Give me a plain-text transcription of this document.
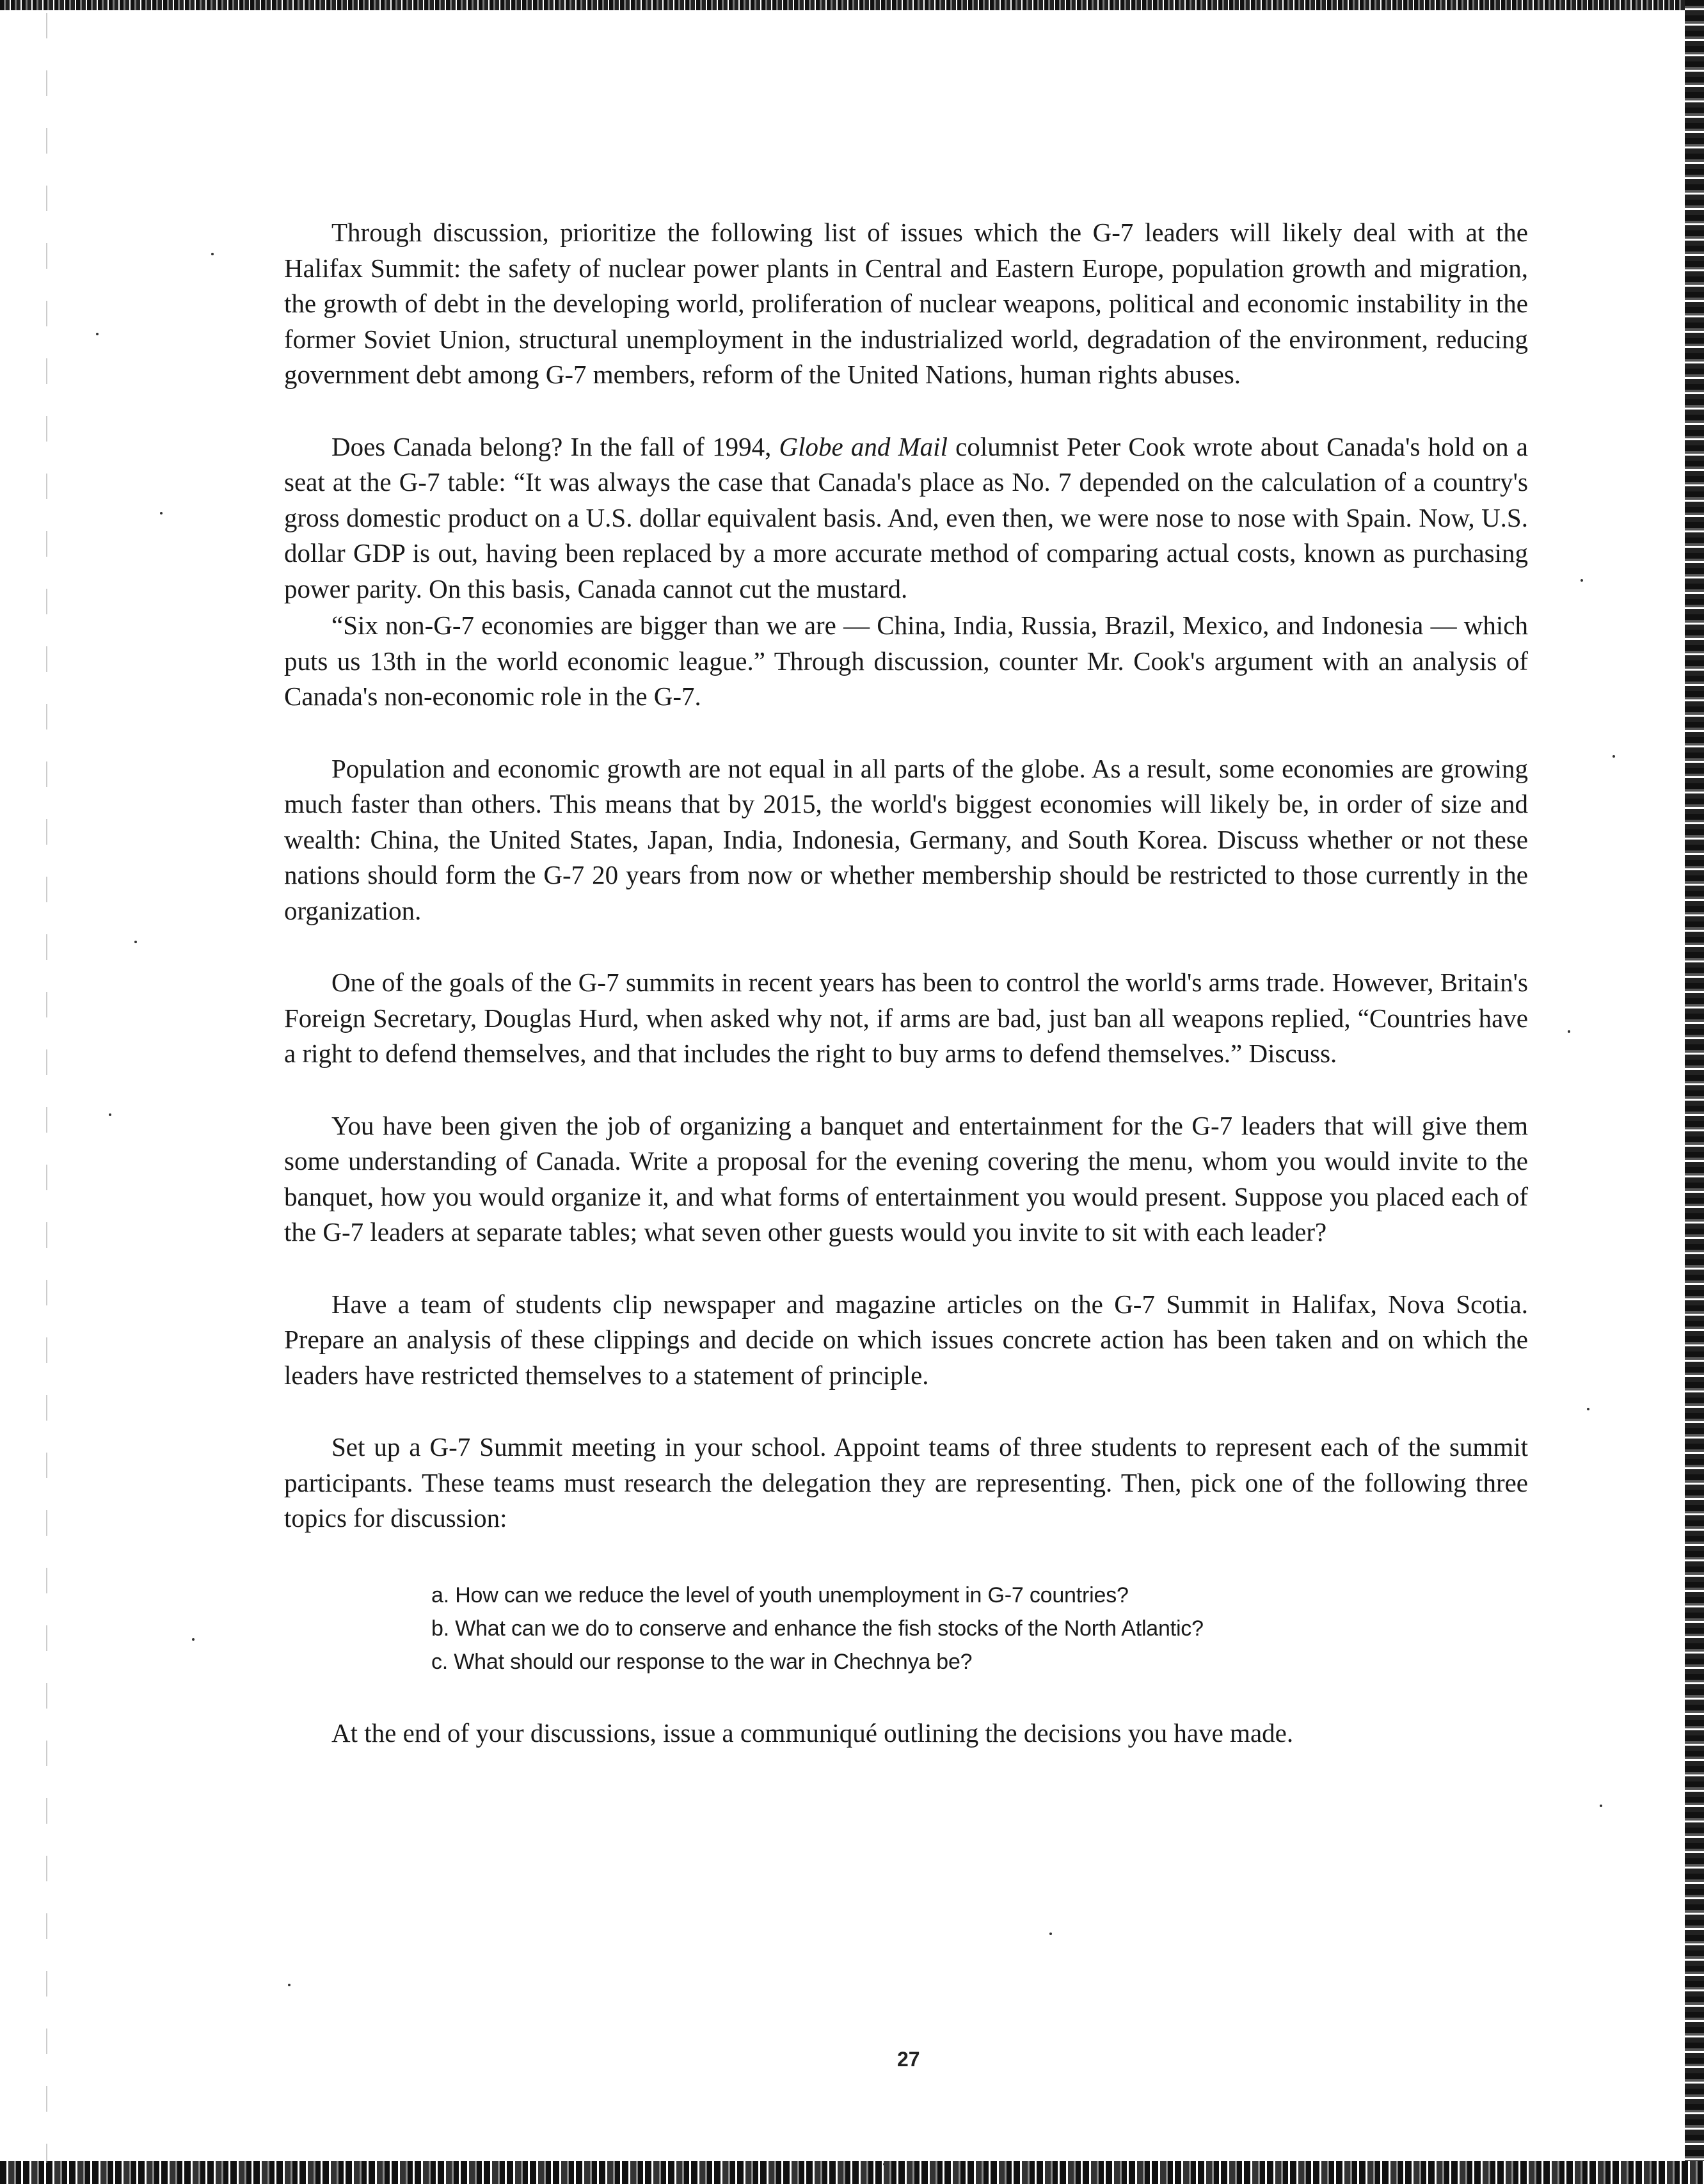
Through discussion, prioritize the following list of issues which the G-7 leaders will likely deal with at the Halifax Summit: the safety of nuclear power plants in Central and Eastern Europe, population growth and migration, the growth of debt in the developing world, proliferation of nuclear weapons, political and economic instability in the former Soviet Union, structural unemployment in the industrialized world, degradation of the environment, reducing government debt among G-7 members, reform of the United Nations, human rights abuses.

Does Canada belong? In the fall of 1994, Globe and Mail columnist Peter Cook wrote about Canada's hold on a seat at the G-7 table: “It was always the case that Canada's place as No. 7 depended on the calculation of a country's gross domestic product on a U.S. dollar equivalent basis. And, even then, we were nose to nose with Spain. Now, U.S. dollar GDP is out, having been replaced by a more accurate method of comparing actual costs, known as purchasing power parity. On this basis, Canada cannot cut the mustard.

“Six non-G-7 economies are bigger than we are — China, India, Russia, Brazil, Mexico, and Indonesia — which puts us 13th in the world economic league.” Through discussion, counter Mr. Cook's argument with an analysis of Canada's non-economic role in the G-7.

Population and economic growth are not equal in all parts of the globe. As a result, some economies are growing much faster than others. This means that by 2015, the world's biggest economies will likely be, in order of size and wealth: China, the United States, Japan, India, Indonesia, Germany, and South Korea. Discuss whether or not these nations should form the G-7 20 years from now or whether membership should be restricted to those currently in the organization.

One of the goals of the G-7 summits in recent years has been to control the world's arms trade. However, Britain's Foreign Secretary, Douglas Hurd, when asked why not, if arms are bad, just ban all weapons replied, “Countries have a right to defend themselves, and that includes the right to buy arms to defend themselves.” Discuss.

You have been given the job of organizing a banquet and entertainment for the G-7 leaders that will give them some understanding of Canada. Write a proposal for the evening covering the menu, whom you would invite to the banquet, how you would organize it, and what forms of entertainment you would present. Suppose you placed each of the G-7 leaders at separate tables; what seven other guests would you invite to sit with each leader?

Have a team of students clip newspaper and magazine articles on the G-7 Summit in Halifax, Nova Scotia. Prepare an analysis of these clippings and decide on which issues concrete action has been taken and on which the leaders have restricted themselves to a statement of principle.

Set up a G-7 Summit meeting in your school. Appoint teams of three students to represent each of the summit participants. These teams must research the delegation they are representing. Then, pick one of the following three topics for discussion:

a. How can we reduce the level of youth unemployment in G-7 countries?
b. What can we do to conserve and enhance the fish stocks of the North Atlantic?
c. What should our response to the war in Chechnya be?

At the end of your discussions, issue a communiqué outlining the decisions you have made.

27
